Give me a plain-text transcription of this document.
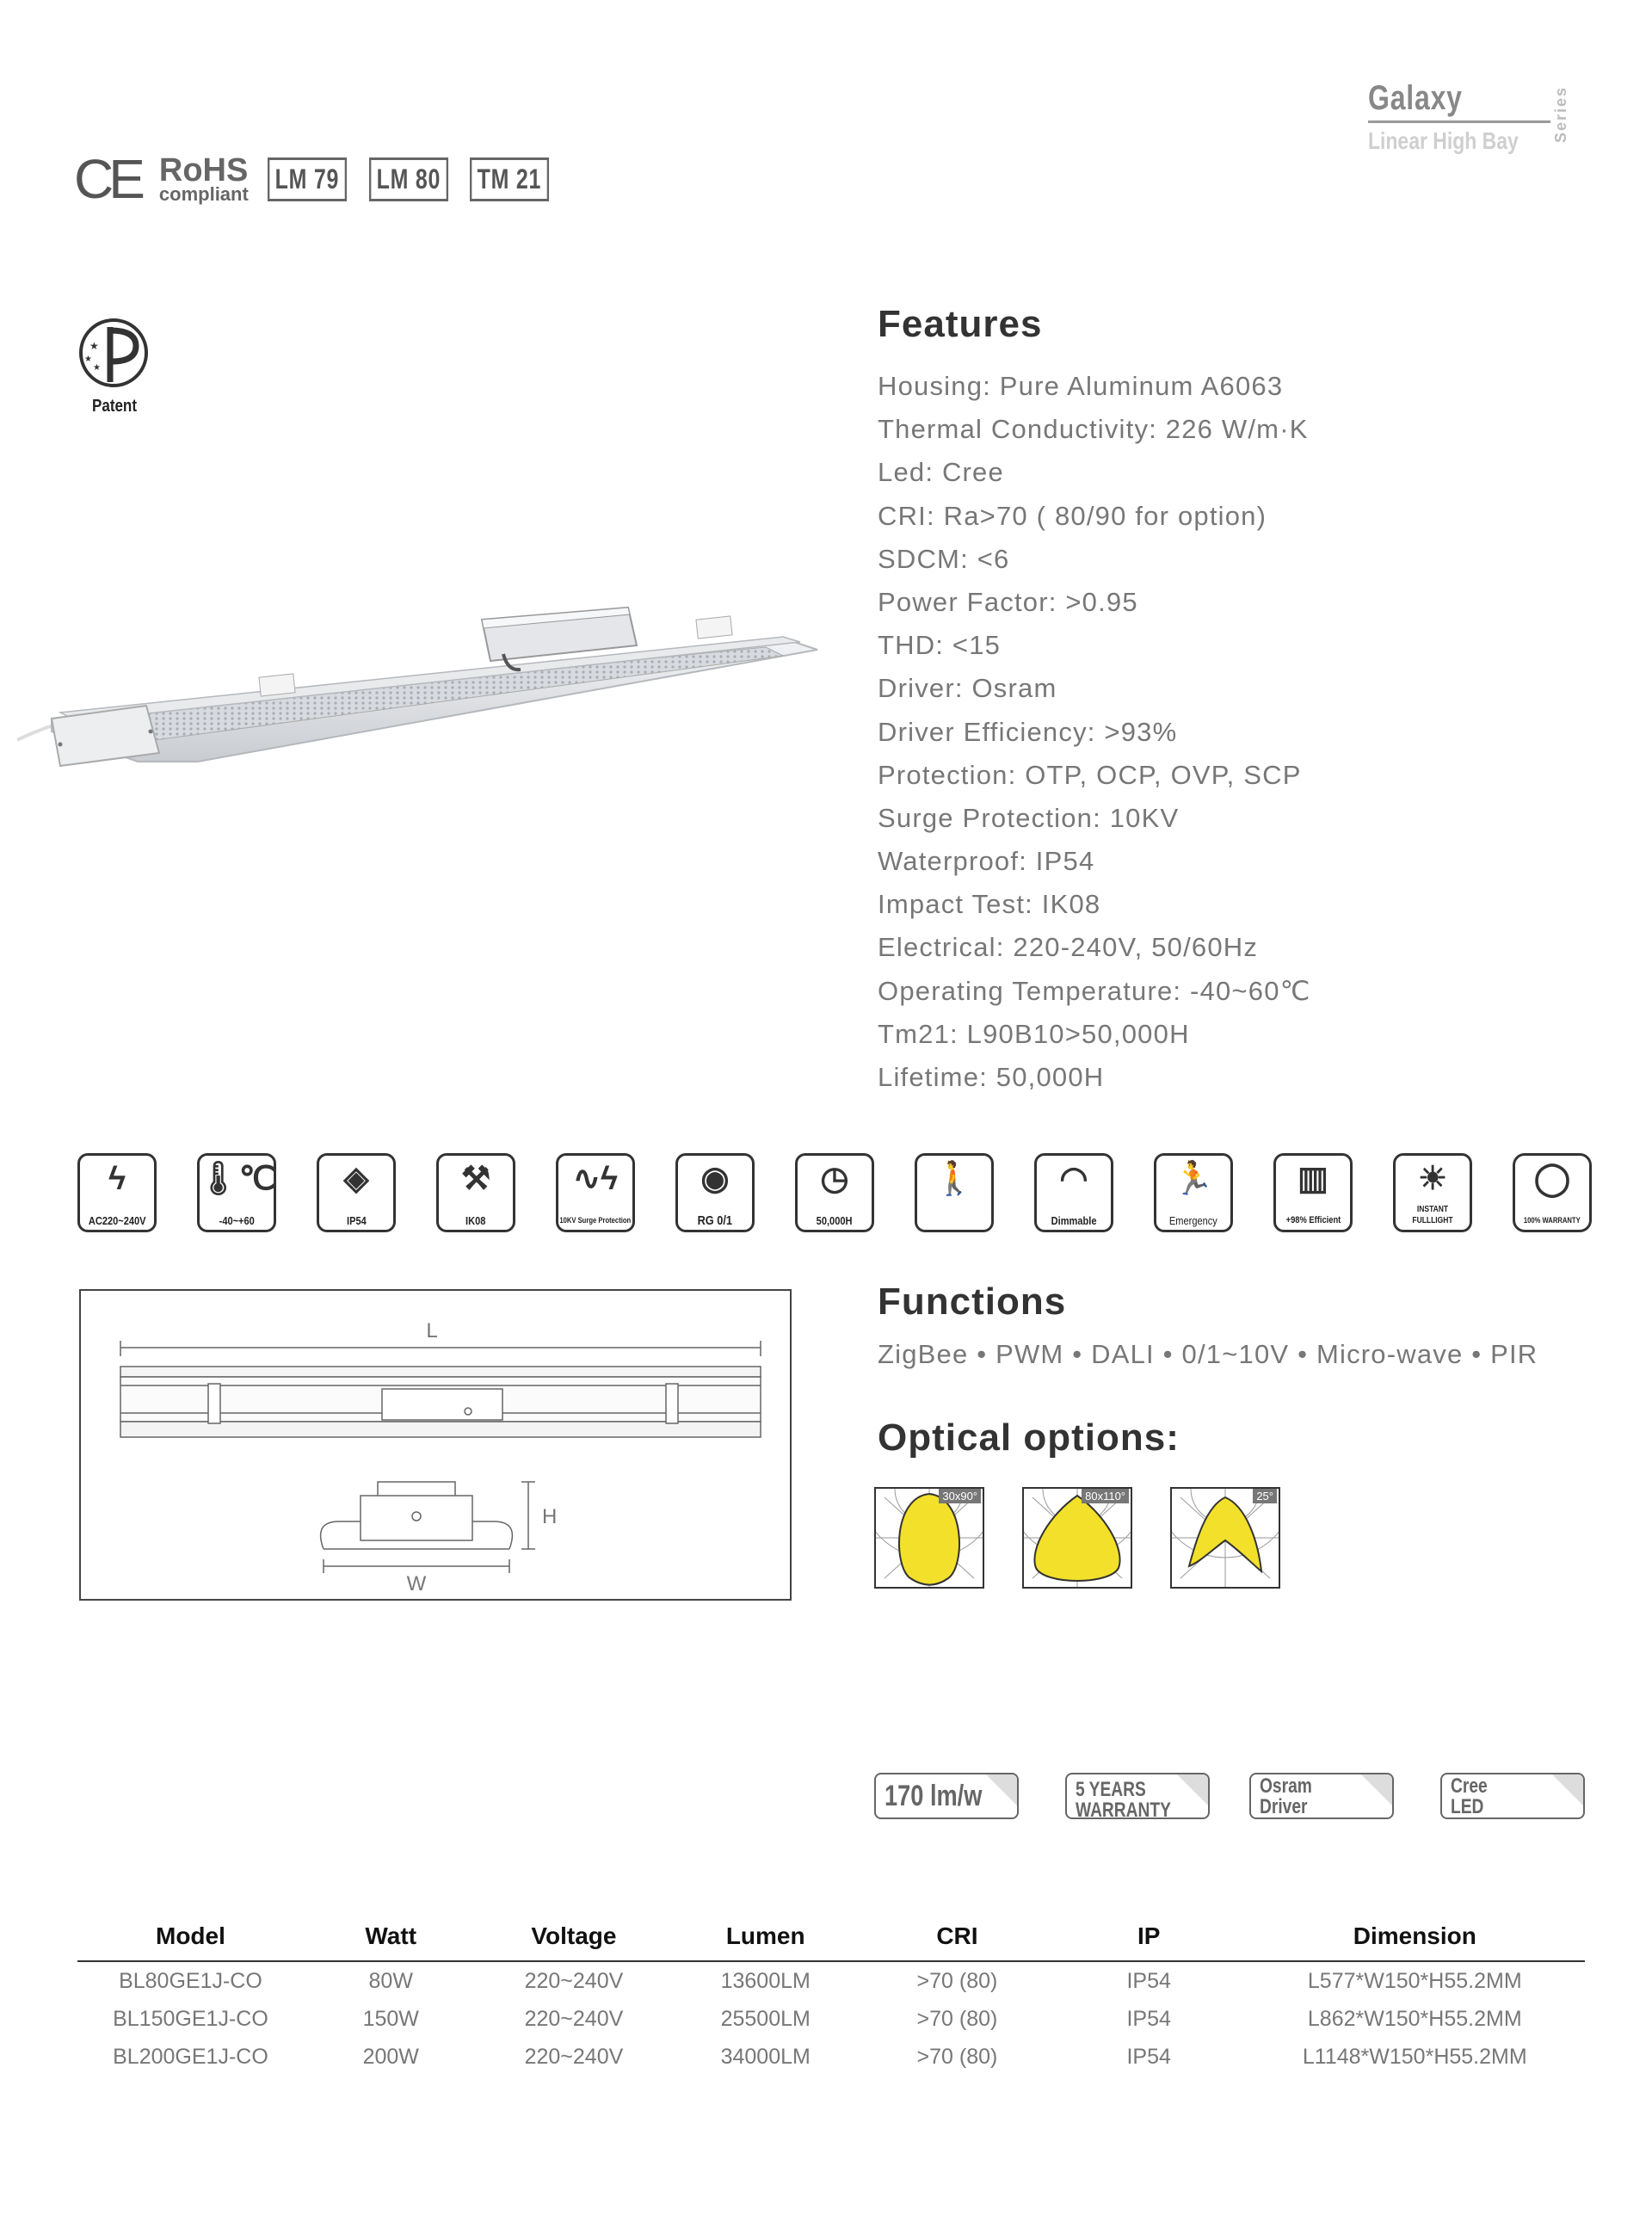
Galaxy
Linear High Bay Series
CE RoHS
compliant LM 79 LM 80 TM 21
★
★
★
Patent
Features
Housing: Pure Aluminum A6063
Thermal Conductivity: 226 W/m·K
Led: Cree
CRI: Ra>70 ( 80/90 for option)
SDCM: <6
Power Factor: >0.95
THD: <15
Driver: Osram
Driver Efficiency: >93%
Protection: OTP, OCP, OVP, SCP
Surge Protection: 10KV
Waterproof: IP54
Impact Test: IK08
Electrical: 220-240V, 50/60Hz
Operating Temperature: -40~60℃
Tm21: L90B10>50,000H
Lifetime: 50,000H
ϟ
AC220~240V
🌡℃
-40~+60
◈
IP54
⚒
IK08
∿ϟ
10KV Surge Protection
◉
RG 0/1
◷
50,000H
🚶	◠
Dimmable
🏃
Emergency
▥
+98% Efficient
☀
INSTANT FULLLIGHT
◯
100% WARRANTY
L
H
W
Functions
ZigBee • PWM • DALI • 0/1~10V • Micro-wave • PIR
Optical options:
30x90°	80x110°	25°
170 lm/w	5 YEARS WARRANTY
Osram Driver
Cree LED
Model	Watt	Voltage	Lumen	CRI	IP	Dimension
BL80GE1J-CO	80W	220~240V	13600LM	>70 (80)	IP54	L577*W150*H55.2MM
BL150GE1J-CO	150W	220~240V	25500LM	>70 (80)	IP54	L862*W150*H55.2MM
BL200GE1J-CO	200W	220~240V	34000LM	>70 (80)	IP54	L1148*W150*H55.2MM
